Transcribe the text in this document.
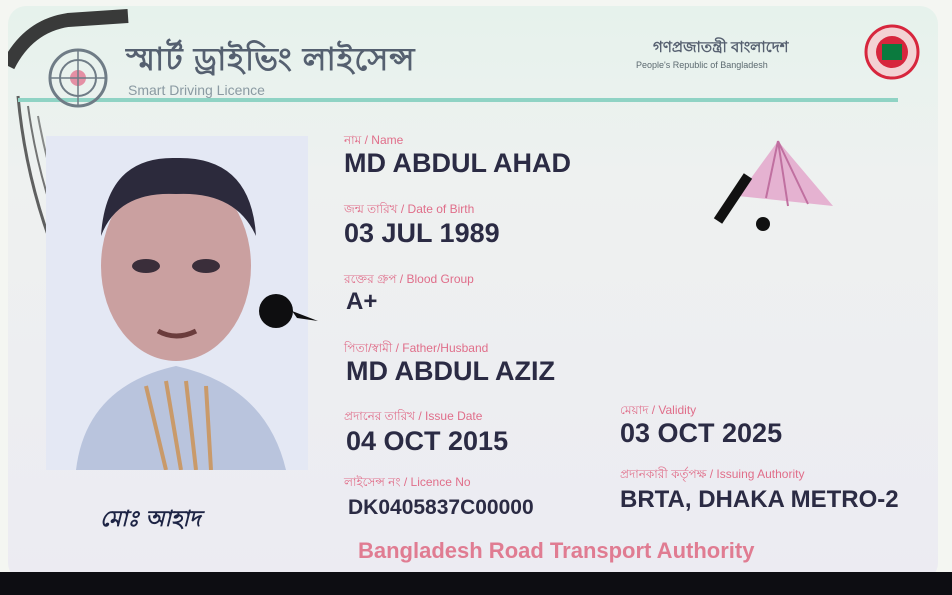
স্মার্ট ড্রাইভিং লাইসেন্স
Smart Driving Licence
গণপ্রজাতন্ত্রী বাংলাদেশ
People's Republic of Bangladesh
নাম / Name
MD ABDUL AHAD
জন্ম তারিখ / Date of Birth
03 JUL 1989
রক্তের গ্রুপ / Blood Group
A+
পিতা/স্বামী / Father/Husband
MD ABDUL AZIZ
প্রদানের তারিখ / Issue Date
04 OCT 2015
মেয়াদ / Validity
03 OCT 2025
লাইসেন্স নং / Licence No
DK0405837C00000
প্রদানকারী কর্তৃপক্ষ / Issuing Authority
BRTA, DHAKA METRO-2
মোঃ আহাদ
Bangladesh Road Transport Authority
